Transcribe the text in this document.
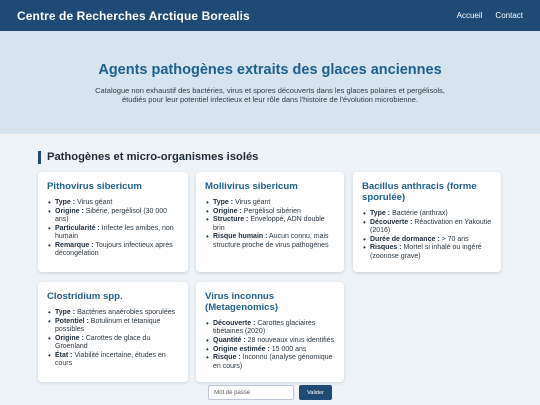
Centre de Recherches Arctique Borealis	Accueil Contact
Agents pathogènes extraits des glaces anciennes

Catalogue non exhaustif des bactéries, virus et spores découverts dans les glaces polaires et pergélisols, étudiés pour leur potentiel infectieux et leur rôle dans l'histoire de l'évolution microbienne.

Pathogènes et micro-organismes isolés
Pithovirus sibericum
• Type : Virus géant
• Origine : Sibérie, pergélisol (30 000 ans)
• Particularité : Infecte les amibes, non humain
• Remarque : Toujours infectieux après décongélation
Mollivirus sibericum
• Type : Virus géant
• Origine : Pergélisol sibérien
• Structure : Enveloppé, ADN double brin
• Risque humain : Aucun connu, mais structure proche de virus pathogènes
Bacillus anthracis (forme sporulée)
• Type : Bactérie (anthrax)
• Découverte : Réactivation en Yakoutie (2016)
• Durée de dormance : > 70 ans
• Risques : Mortel si inhalé ou ingéré (zoonose grave)
Clostridium spp.
• Type : Bactéries anaérobies sporulées
• Potentiel : Botulinum et tétanique possibles
• Origine : Carottes de glace du Groenland
• État : Viabilité incertaine, études en cours
Virus inconnus (Metagenomics)
• Découverte : Carottes glaciaires tibétaines (2020)
• Quantité : 28 nouveaux virus identifiés
• Origine estimée : 15 000 ans
• Risque : Inconnu (analyse génomique en cours)
Valider
